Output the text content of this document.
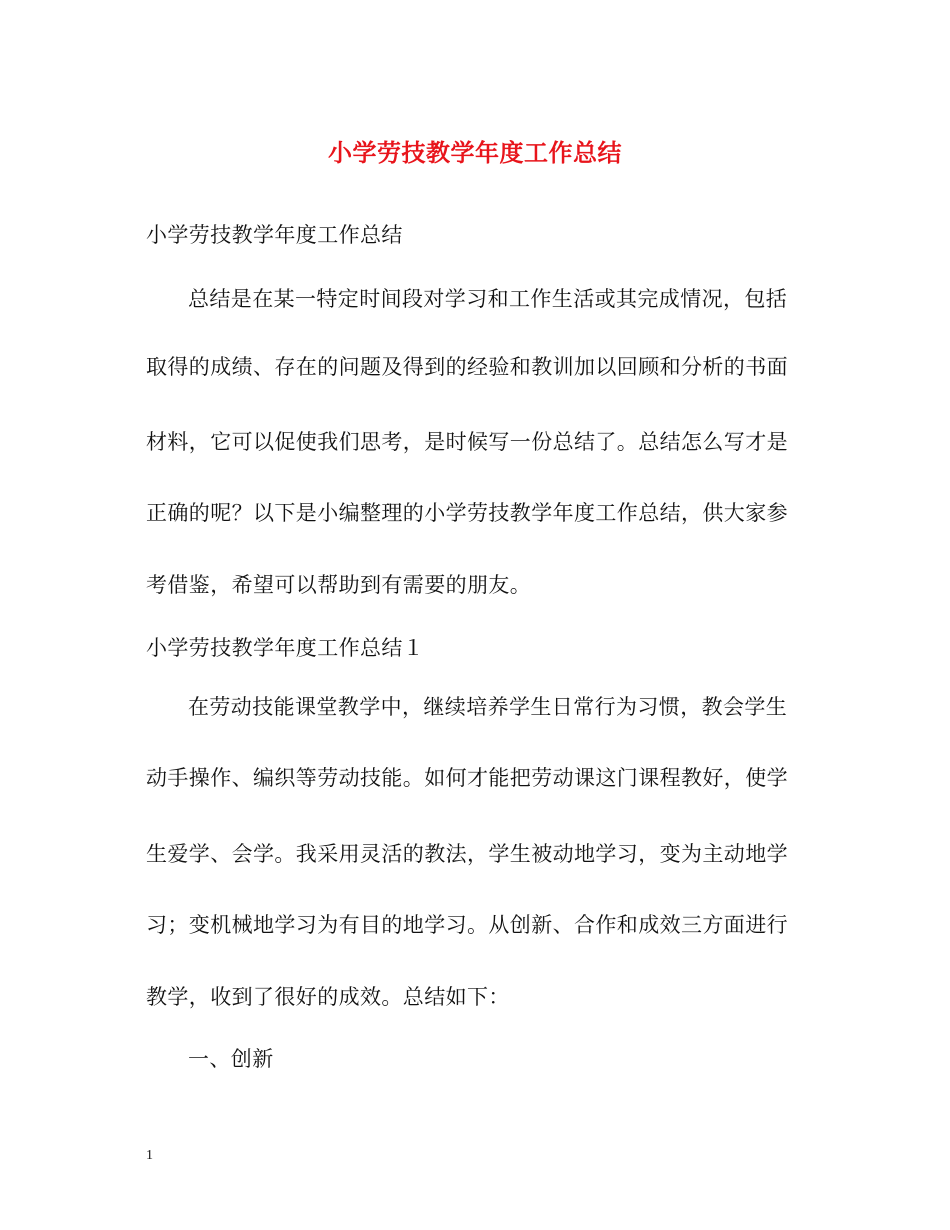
小学劳技教学年度工作总结
小学劳技教学年度工作总结
总结是在某一特定时间段对学习和工作生活或其完成情况，包括
取得的成绩、存在的问题及得到的经验和教训加以回顾和分析的书面
材料，它可以促使我们思考，是时候写一份总结了。总结怎么写才是
正确的呢？以下是小编整理的小学劳技教学年度工作总结，供大家参
考借鉴，希望可以帮助到有需要的朋友。
小学劳技教学年度工作总结１
在劳动技能课堂教学中，继续培养学生日常行为习惯，教会学生
动手操作、编织等劳动技能。如何才能把劳动课这门课程教好，使学
生爱学、会学。我采用灵活的教法，学生被动地学习，变为主动地学
习；变机械地学习为有目的地学习。从创新、合作和成效三方面进行
教学，收到了很好的成效。总结如下：
一、创新
1
